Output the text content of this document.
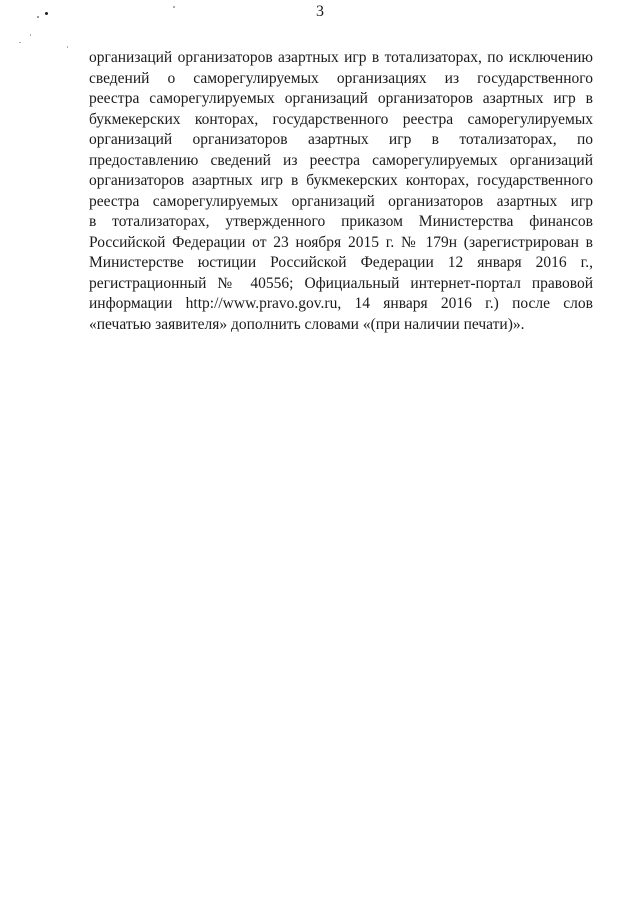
3
организаций организаторов азартных игр в тотализаторах, по исключению
сведений о саморегулируемых организациях из государственного
реестра саморегулируемых организаций организаторов азартных игр в
букмекерских конторах, государственного реестра саморегулируемых
организаций организаторов азартных игр в тотализаторах, по
предоставлению сведений из реестра саморегулируемых организаций
организаторов азартных игр в букмекерских конторах, государственного
реестра саморегулируемых организаций организаторов азартных игр
в тотализаторах, утвержденного приказом Министерства финансов
Российской Федерации от 23 ноября 2015 г. № 179н (зарегистрирован в
Министерстве юстиции Российской Федерации 12 января 2016 г.,
регистрационный № 40556; Официальный интернет-портал правовой
информации http://www.pravo.gov.ru, 14 января 2016 г.) после слов
«печатью заявителя» дополнить словами «(при наличии печати)».
